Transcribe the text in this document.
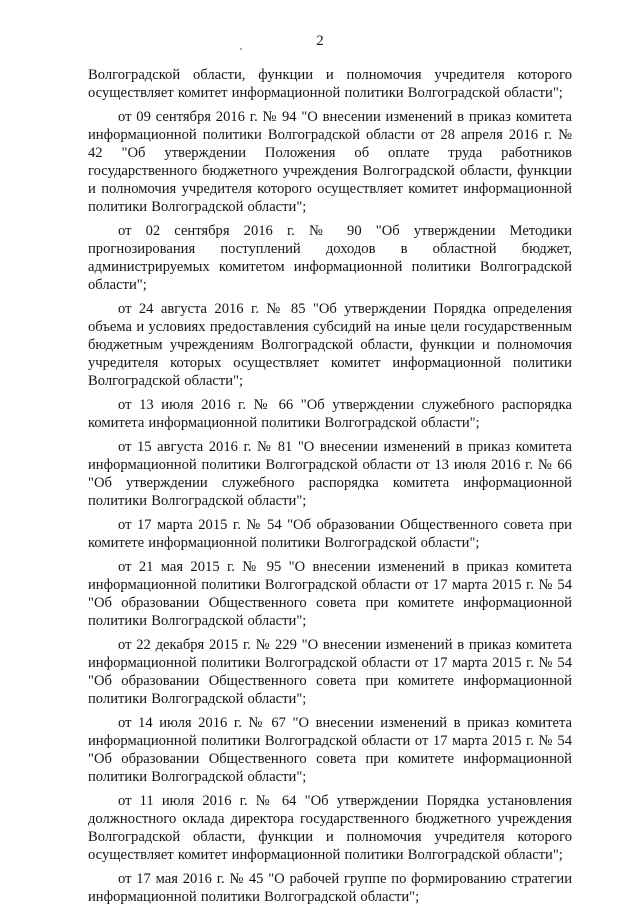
2

Волгоградской области, функции и полномочия учредителя которого осуществляет комитет информационной политики Волгоградской области";

от 09 сентября 2016 г. № 94 "О внесении изменений в приказ комитета информационной политики Волгоградской области от 28 апреля 2016 г. № 42 "Об утверждении Положения об оплате труда работников государственного бюджетного учреждения Волгоградской области, функции и полномочия учредителя которого осуществляет комитет информационной политики Волгоградской области";

от 02 сентября 2016 г. № 90 "Об утверждении Методики прогнозирования поступлений доходов в областной бюджет, администрируемых комитетом информационной политики Волгоградской области";

от 24 августа 2016 г. № 85 "Об утверждении Порядка определения объема и условиях предоставления субсидий на иные цели государственным бюджетным учреждениям Волгоградской области, функции и полномочия учредителя которых осуществляет комитет информационной политики Волгоградской области";

от 13 июля 2016 г. № 66 "Об утверждении служебного распорядка комитета информационной политики Волгоградской области";

от 15 августа 2016 г. № 81 "О внесении изменений в приказ комитета информационной политики Волгоградской области от 13 июля 2016 г. № 66 "Об утверждении служебного распорядка комитета информационной политики Волгоградской области";

от 17 марта 2015 г. № 54 "Об образовании Общественного совета при комитете информационной политики Волгоградской области";

от 21 мая 2015 г. № 95 "О внесении изменений в приказ комитета информационной политики Волгоградской области от 17 марта 2015 г. № 54 "Об образовании Общественного совета при комитете информационной политики Волгоградской области";

от 22 декабря 2015 г. № 229 "О внесении изменений в приказ комитета информационной политики Волгоградской области от 17 марта 2015 г. № 54 "Об образовании Общественного совета при комитете информационной политики Волгоградской области";

от 14 июля 2016 г. № 67 "О внесении изменений в приказ комитета информационной политики Волгоградской области от 17 марта 2015 г. № 54 "Об образовании Общественного совета при комитете информационной политики Волгоградской области";

от 11 июля 2016 г. № 64 "Об утверждении Порядка установления должностного оклада директора государственного бюджетного учреждения Волгоградской области, функции и полномочия учредителя которого осуществляет комитет информационной политики Волгоградской области";

от 17 мая 2016 г. № 45 "О рабочей группе по формированию стратегии информационной политики Волгоградской области";
